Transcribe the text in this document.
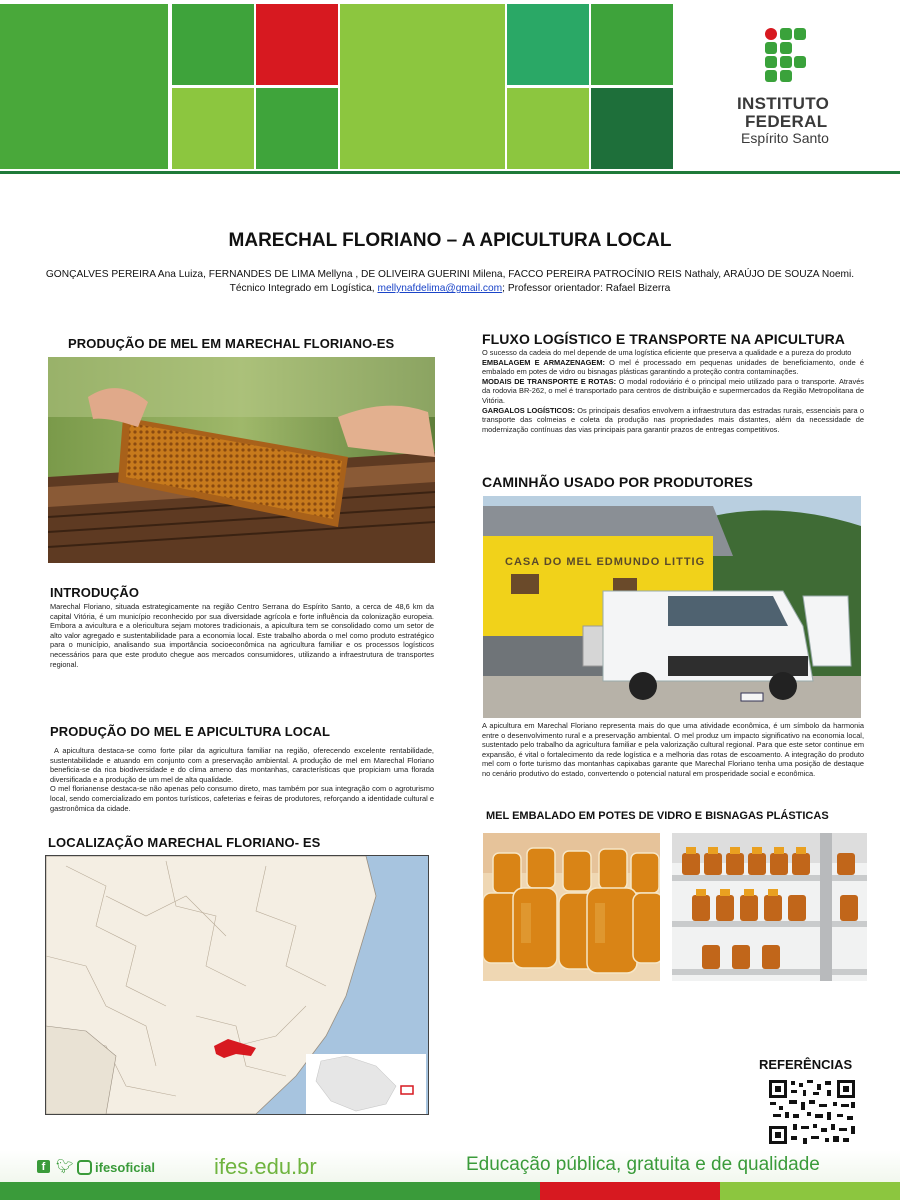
INSTITUTO
FEDERAL
Espírito Santo
MARECHAL FLORIANO – A APICULTURA LOCAL
GONÇALVES PEREIRA Ana Luiza, FERNANDES DE LIMA Mellyna , DE OLIVEIRA GUERINI Milena, FACCO PEREIRA PATROCÍNIO REIS Nathaly, ARAÚJO DE SOUZA Noemi. Técnico Integrado em Logística, mellynafdelima@gmail.com; Professor orientador: Rafael Bizerra
PRODUÇÃO DE MEL EM MARECHAL FLORIANO-ES
INTRODUÇÃO
Marechal Floriano, situada estrategicamente na região Centro Serrana do Espírito Santo, a cerca de 48,6 km da capital Vitória, é um município reconhecido por sua diversidade agrícola e forte influência da colonização europeia. Embora a avicultura e a olericultura sejam motores tradicionais, a apicultura tem se consolidado como um setor de alto valor agregado e sustentabilidade para a economia local. Este trabalho aborda o mel como produto estratégico para o município, analisando sua importância socioeconômica na agricultura familiar e os processos logísticos necessários para que este produto chegue aos mercados consumidores, utilizando a infraestrutura de transportes regional.
PRODUÇÃO DO MEL E APICULTURA LOCAL
A apicultura destaca-se como forte pilar da agricultura familiar na região, oferecendo excelente rentabilidade, sustentabilidade e atuando em conjunto com a preservação ambiental. A produção de mel em Marechal Floriano beneficia-se da rica biodiversidade e do clima ameno das montanhas, características que propiciam uma florada diversificada e a produção de um mel de alta qualidade.
O mel florianense destaca-se não apenas pelo consumo direto, mas também por sua integração com o agroturismo local, sendo comercializado em pontos turísticos, cafeterias e feiras de produtores, reforçando a identidade cultural e gastronômica da cidade.
LOCALIZAÇÃO MARECHAL FLORIANO- ES
FLUXO LOGÍSTICO E TRANSPORTE NA APICULTURA
O sucesso da cadeia do mel depende de uma logística eficiente que preserva a qualidade e a pureza do produto
EMBALAGEM E ARMAZENAGEM: O mel é processado em pequenas unidades de beneficiamento, onde é embalado em potes de vidro ou bisnagas plásticas garantindo a proteção contra contaminações.
MODAIS DE TRANSPORTE E ROTAS: O modal rodoviário é o principal meio utilizado para o transporte. Através da rodovia BR-262, o mel é transportado para centros de distribuição e supermercados da Região Metropolitana de Vitória.
GARGALOS LOGÍSTICOS: Os principais desafios envolvem a infraestrutura das estradas rurais, essenciais para o transporte das colmeias e coleta da produção nas propriedades mais distantes, além da necessidade de modernização contínuas das vias principais para garantir prazos de entregas competitivos.
CAMINHÃO USADO POR PRODUTORES
CASA DO MEL EDMUNDO LITTIG
A apicultura em Marechal Floriano representa mais do que uma atividade econômica, é um símbolo da harmonia entre o desenvolvimento rural e a preservação ambiental. O mel produz um impacto significativo na economia local, sustentado pelo trabalho da agricultura familiar e pela valorização cultural regional. Para que este setor continue em expansão, é vital o fortalecimento da rede logística e a melhoria das rotas de escoamento. A integração do produto mel com o forte turismo das montanhas capixabas garante que Marechal Floriano tenha uma posição de destaque no cenário produtivo do estado, convertendo o potencial natural em prosperidade social e econômica.
MEL EMBALADO EM POTES DE VIDRO E BISNAGAS PLÁSTICAS
REFERÊNCIAS
f 🐦︎ ifesoficial	ifes.edu.br	Educação pública, gratuita e de qualidade
